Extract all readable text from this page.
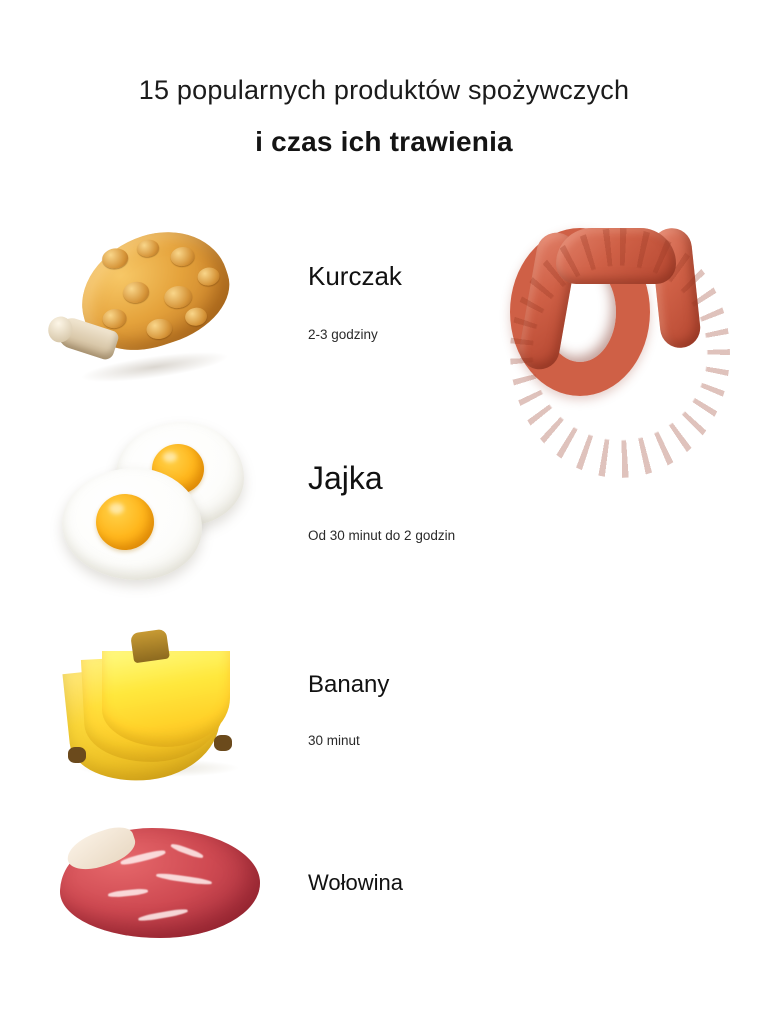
15 popularnych produktów spożywczych
i czas ich trawienia
Kurczak
2-3 godziny
Jajka
Od 30 minut do 2 godzin
Banany
30 minut
Wołowina
